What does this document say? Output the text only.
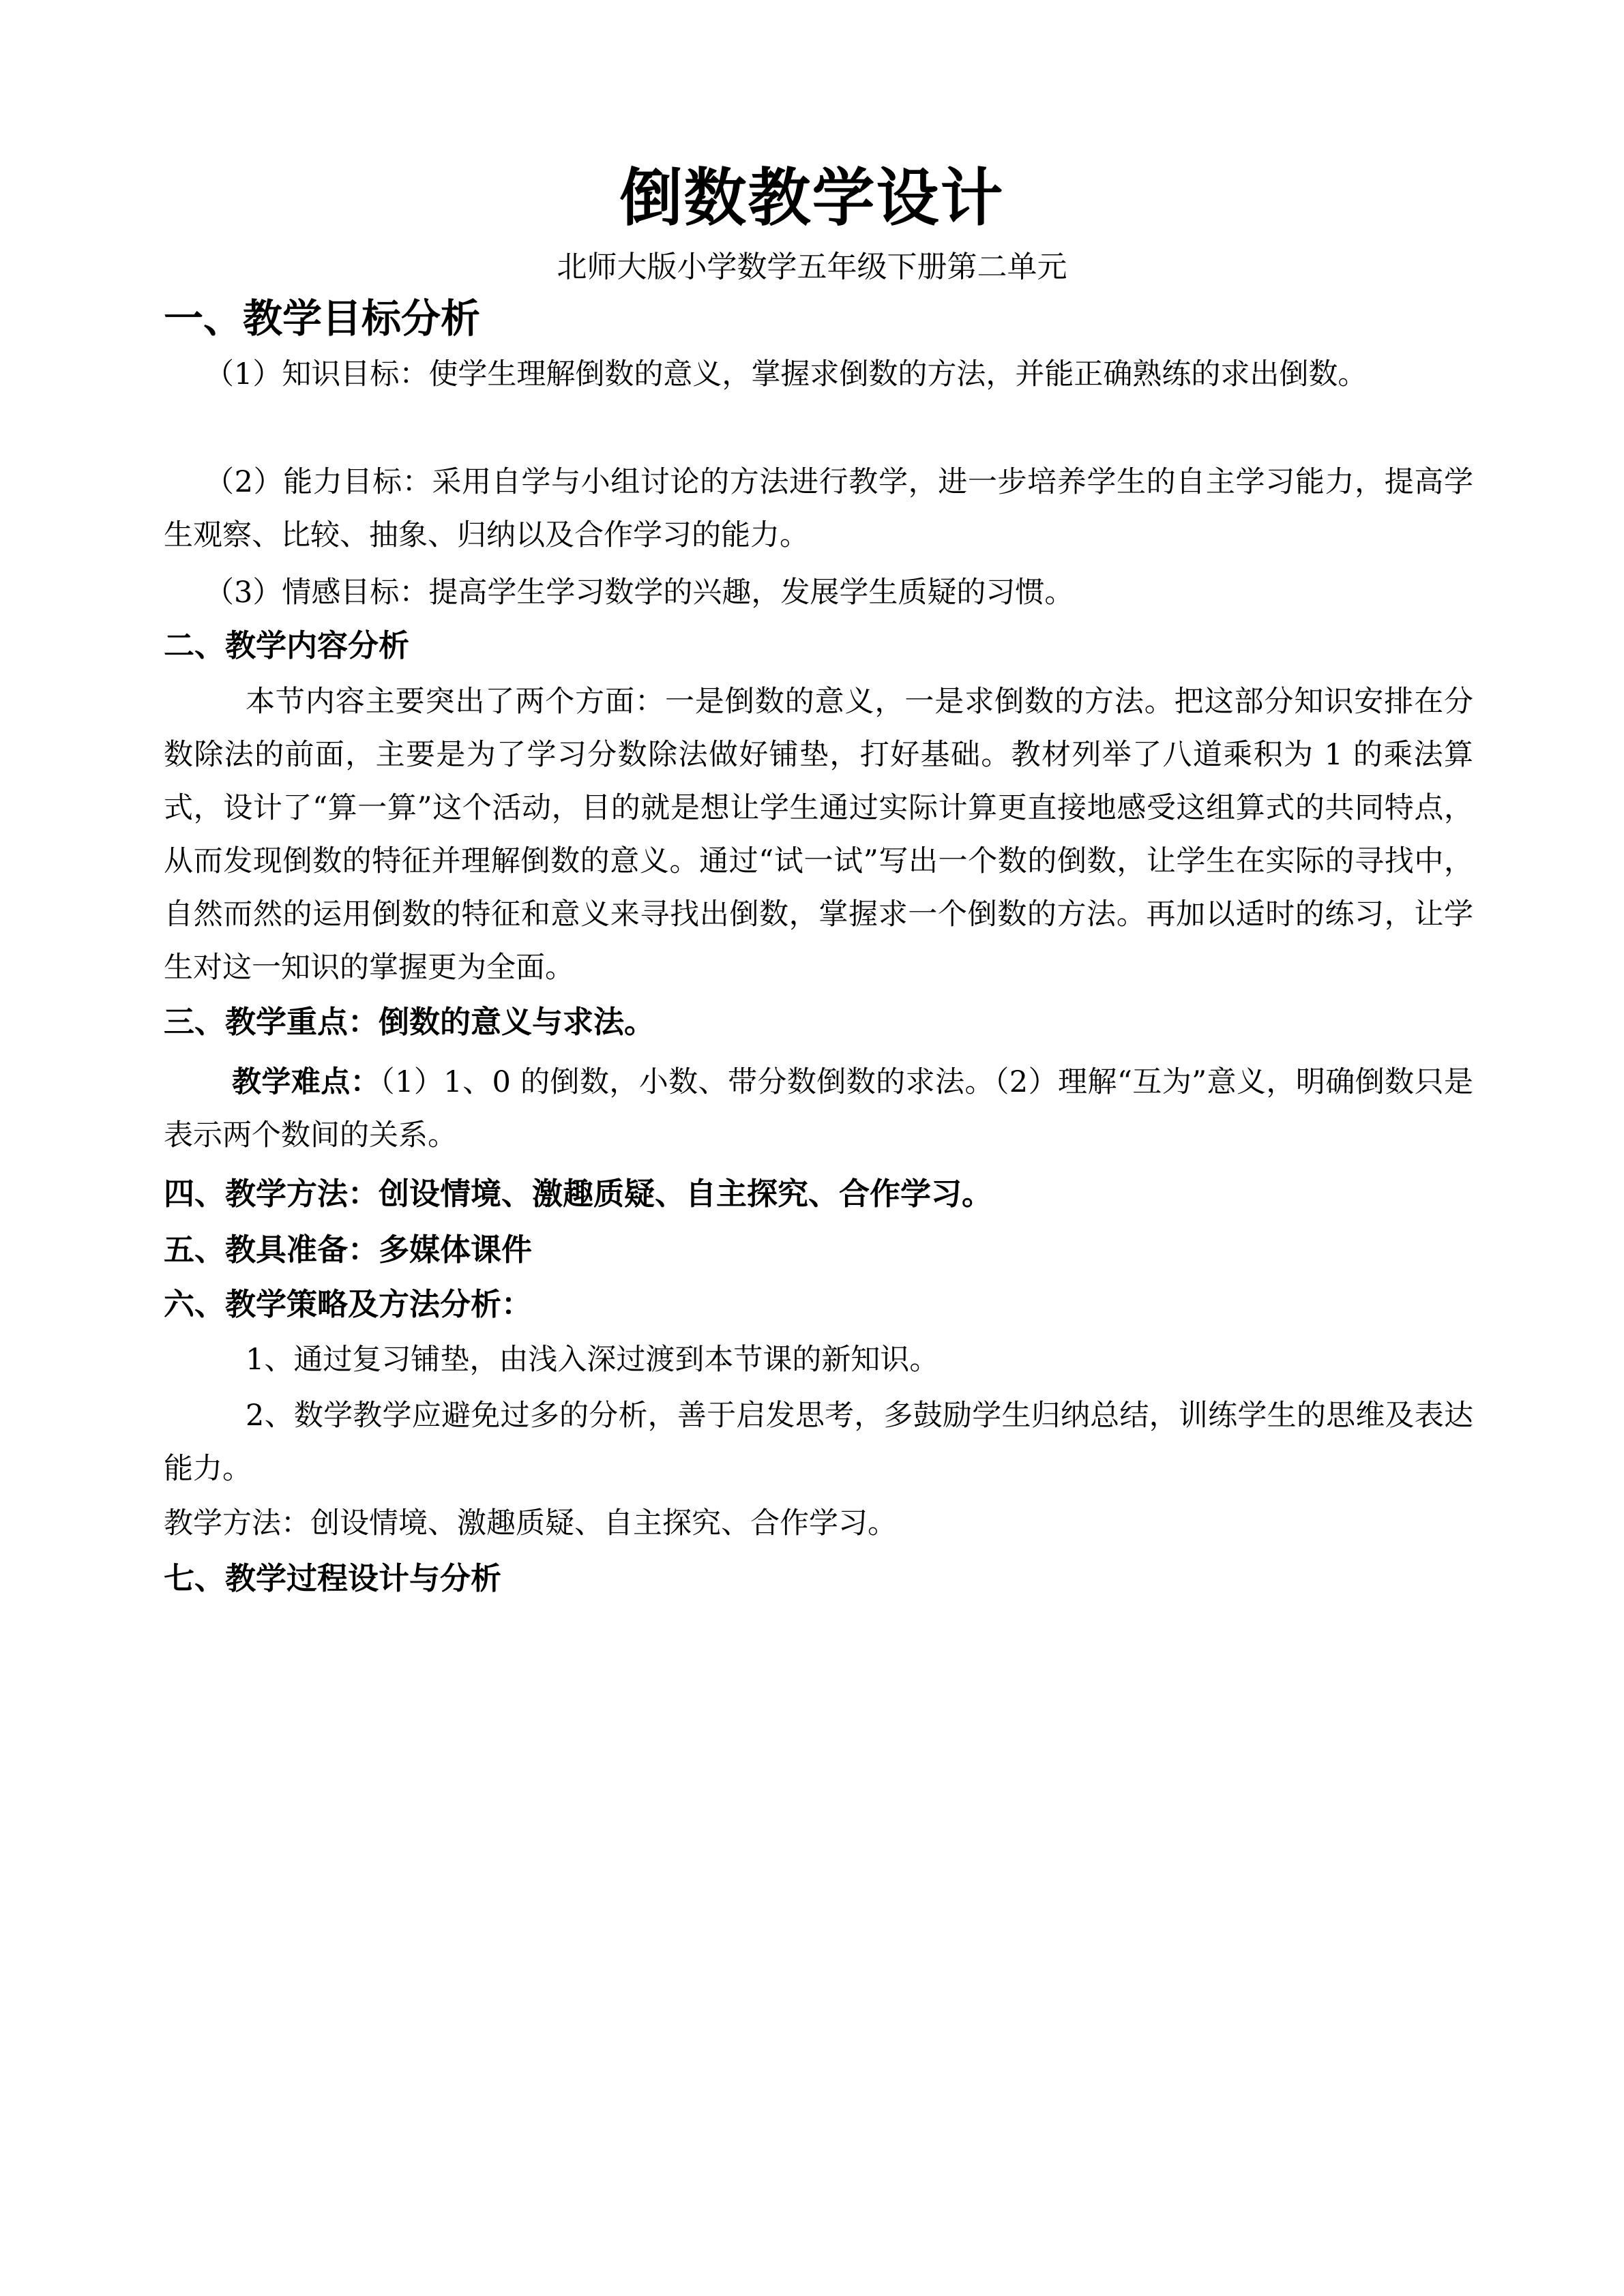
倒数教学设计
北师大版小学数学五年级下册第二单元
一、教学目标分析
（1）知识目标：使学生理解倒数的意义，掌握求倒数的方法，并能正确熟练的求出倒数。
（2）能力目标：采用自学与小组讨论的方法进行教学，进一步培养学生的自主学习能力，提高学生观察、比较、抽象、归纳以及合作学习的能力。
（3）情感目标：提高学生学习数学的兴趣，发展学生质疑的习惯。
二、教学内容分析
本节内容主要突出了两个方面：一是倒数的意义，一是求倒数的方法。把这部分知识安排在分数除法的前面，主要是为了学习分数除法做好铺垫，打好基础。教材列举了八道乘积为 1 的乘法算式，设计了“算一算”这个活动，目的就是想让学生通过实际计算更直接地感受这组算式的共同特点，从而发现倒数的特征并理解倒数的意义。通过“试一试”写出一个数的倒数，让学生在实际的寻找中，自然而然的运用倒数的特征和意义来寻找出倒数，掌握求一个倒数的方法。再加以适时的练习，让学生对这一知识的掌握更为全面。
三、教学重点：倒数的意义与求法。
教学难点：（1）1、0 的倒数，小数、带分数倒数的求法。（2）理解“互为”意义，明确倒数只是表示两个数间的关系。
四、教学方法：创设情境、激趣质疑、自主探究、合作学习。
五、教具准备：多媒体课件
六、教学策略及方法分析：
1、通过复习铺垫，由浅入深过渡到本节课的新知识。
2、数学教学应避免过多的分析，善于启发思考，多鼓励学生归纳总结，训练学生的思维及表达能力。
教学方法：创设情境、激趣质疑、自主探究、合作学习。
七、教学过程设计与分析
